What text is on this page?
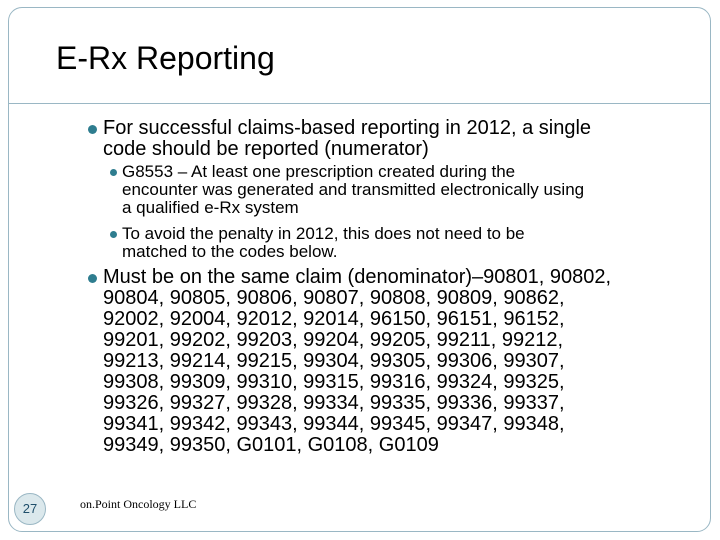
E-Rx Reporting
For successful claims-based reporting in 2012, a single
code should be reported (numerator)
G8553 – At least one prescription created during the
encounter was generated and transmitted electronically using
a qualified e-Rx system
To avoid the penalty in 2012, this does not need to be
matched to the codes below.
Must be on the same claim (denominator)–90801, 90802,
90804, 90805, 90806, 90807, 90808, 90809, 90862,
92002, 92004, 92012, 92014, 96150, 96151, 96152,
99201, 99202, 99203, 99204, 99205, 99211, 99212,
99213, 99214, 99215, 99304, 99305, 99306, 99307,
99308, 99309, 99310, 99315, 99316, 99324, 99325,
99326, 99327, 99328, 99334, 99335, 99336, 99337,
99341, 99342, 99343, 99344, 99345, 99347, 99348,
99349, 99350, G0101, G0108, G0109
27	on.Point Oncology LLC
